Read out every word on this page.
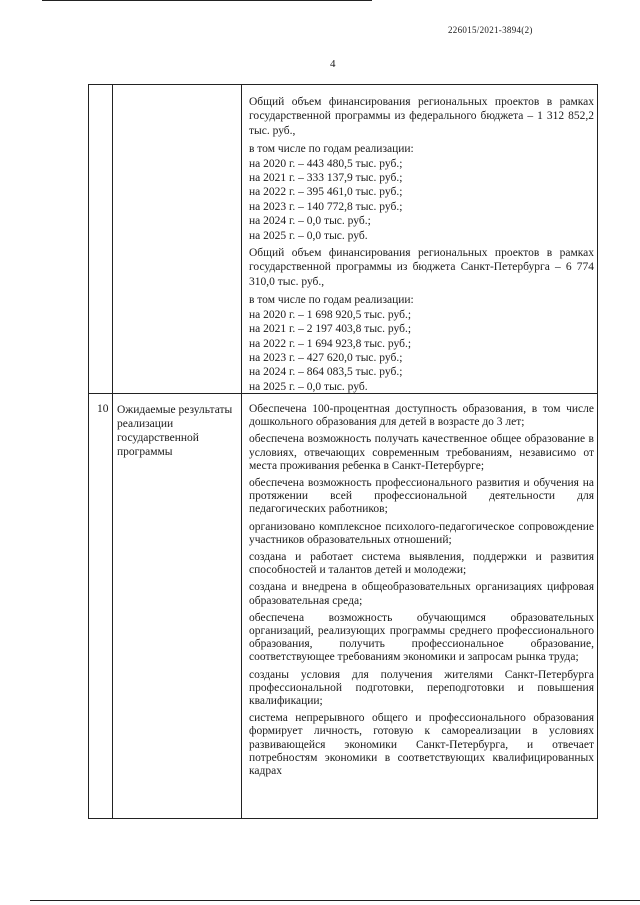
226015/2021-3894(2)
4

Общий объем финансирования региональных проектов в рамках государственной программы из федерального бюджета – 1 312 852,2 тыс. руб.,

в том числе по годам реализации:
на 2020 г. – 443 480,5 тыс. руб.;
на 2021 г. – 333 137,9 тыс. руб.;
на 2022 г. – 395 461,0 тыс. руб.;
на 2023 г. – 140 772,8 тыс. руб.;
на 2024 г. – 0,0 тыс. руб.;
на 2025 г. – 0,0 тыс. руб.

Общий объем финансирования региональных проектов в рамках государственной программы из бюджета Санкт-Петербурга – 6 774 310,0 тыс. руб.,

в том числе по годам реализации:
на 2020 г. – 1 698 920,5 тыс. руб.;
на 2021 г. – 2 197 403,8 тыс. руб.;
на 2022 г. – 1 694 923,8 тыс. руб.;
на 2023 г. – 427 620,0 тыс. руб.;
на 2024 г. – 864 083,5 тыс. руб.;
на 2025 г. – 0,0 тыс. руб.
10 Ожидаемые результаты реализации государственной программы

Обеспечена 100-процентная доступность образования, в том числе дошкольного образования для детей в возрасте до 3 лет;

обеспечена возможность получать качественное общее образование в условиях, отвечающих современным требованиям, независимо от места проживания ребенка в Санкт-Петербурге;

обеспечена возможность профессионального развития и обучения на протяжении всей профессиональной деятельности для педагогических работников;

организовано комплексное психолого-педагогическое сопровождение участников образовательных отношений;

создана и работает система выявления, поддержки и развития способностей и талантов детей и молодежи;

создана и внедрена в общеобразовательных организациях цифровая образовательная среда;

обеспечена возможность обучающимся образовательных организаций, реализующих программы среднего профессионального образования, получить профессиональное образование, соответствующее требованиям экономики и запросам рынка труда;

созданы условия для получения жителями Санкт-Петербурга профессиональной подготовки, переподготовки и повышения квалификации;

система непрерывного общего и профессионального образования формирует личность, готовую к самореализации в условиях развивающейся экономики Санкт-Петербурга, и отвечает потребностям экономики в соответствующих квалифицированных кадрах
